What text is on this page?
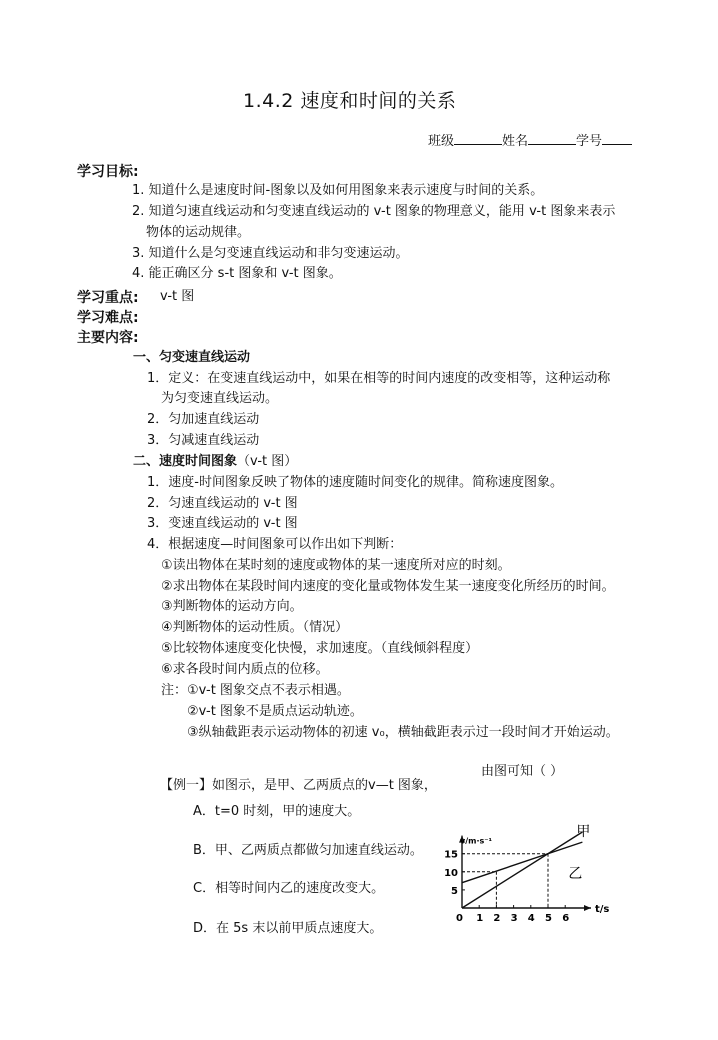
1.4.2 速度和时间的关系
班级	姓名	学号
学习目标:
1. 知道什么是速度时间-图象以及如何用图象来表示速度与时间的关系。
2. 知道匀速直线运动和匀变速直线运动的 v-t 图象的物理意义，能用 v-t 图象来表示
物体的运动规律。
3. 知道什么是匀变速直线运动和非匀变速运动。
4. 能正确区分 s-t 图象和 v-t 图象。
学习重点: v-t 图
学习难点:
主要内容:
一、匀变速直线运动
1．定义：在变速直线运动中，如果在相等的时间内速度的改变相等，这种运动称
为匀变速直线运动。
2．匀加速直线运动
3．匀减速直线运动
二、速度时间图象（v-t 图）
1．速度-时间图象反映了物体的速度随时间变化的规律。简称速度图象。
2．匀速直线运动的 v-t 图
3．变速直线运动的 v-t 图
4．根据速度—时间图象可以作出如下判断：
①读出物体在某时刻的速度或物体的某一速度所对应的时刻。
②求出物体在某段时间内速度的变化量或物体发生某一速度变化所经历的时间。
③判断物体的运动方向。
④判断物体的运动性质。（情况）
⑤比较物体速度变化快慢，求加速度。（直线倾斜程度）
⑥求各段时间内质点的位移。
注：①v-t 图象交点不表示相遇。
②v-t 图象不是质点运动轨迹。
③纵轴截距表示运动物体的初速 v₀，横轴截距表示过一段时间才开始运动。
由图可知（ ）
【例一】如图示，是甲、乙两质点的v—t 图象，
A．t=0 时刻，甲的速度大。
B．甲、乙两质点都做匀加速直线运动。
C．相等时间内乙的速度改变大。
D．在 5s 末以前甲质点速度大。
t/s
v/m·s⁻¹
0 1 2 3 4 5 6
5
10
15
甲
乙
